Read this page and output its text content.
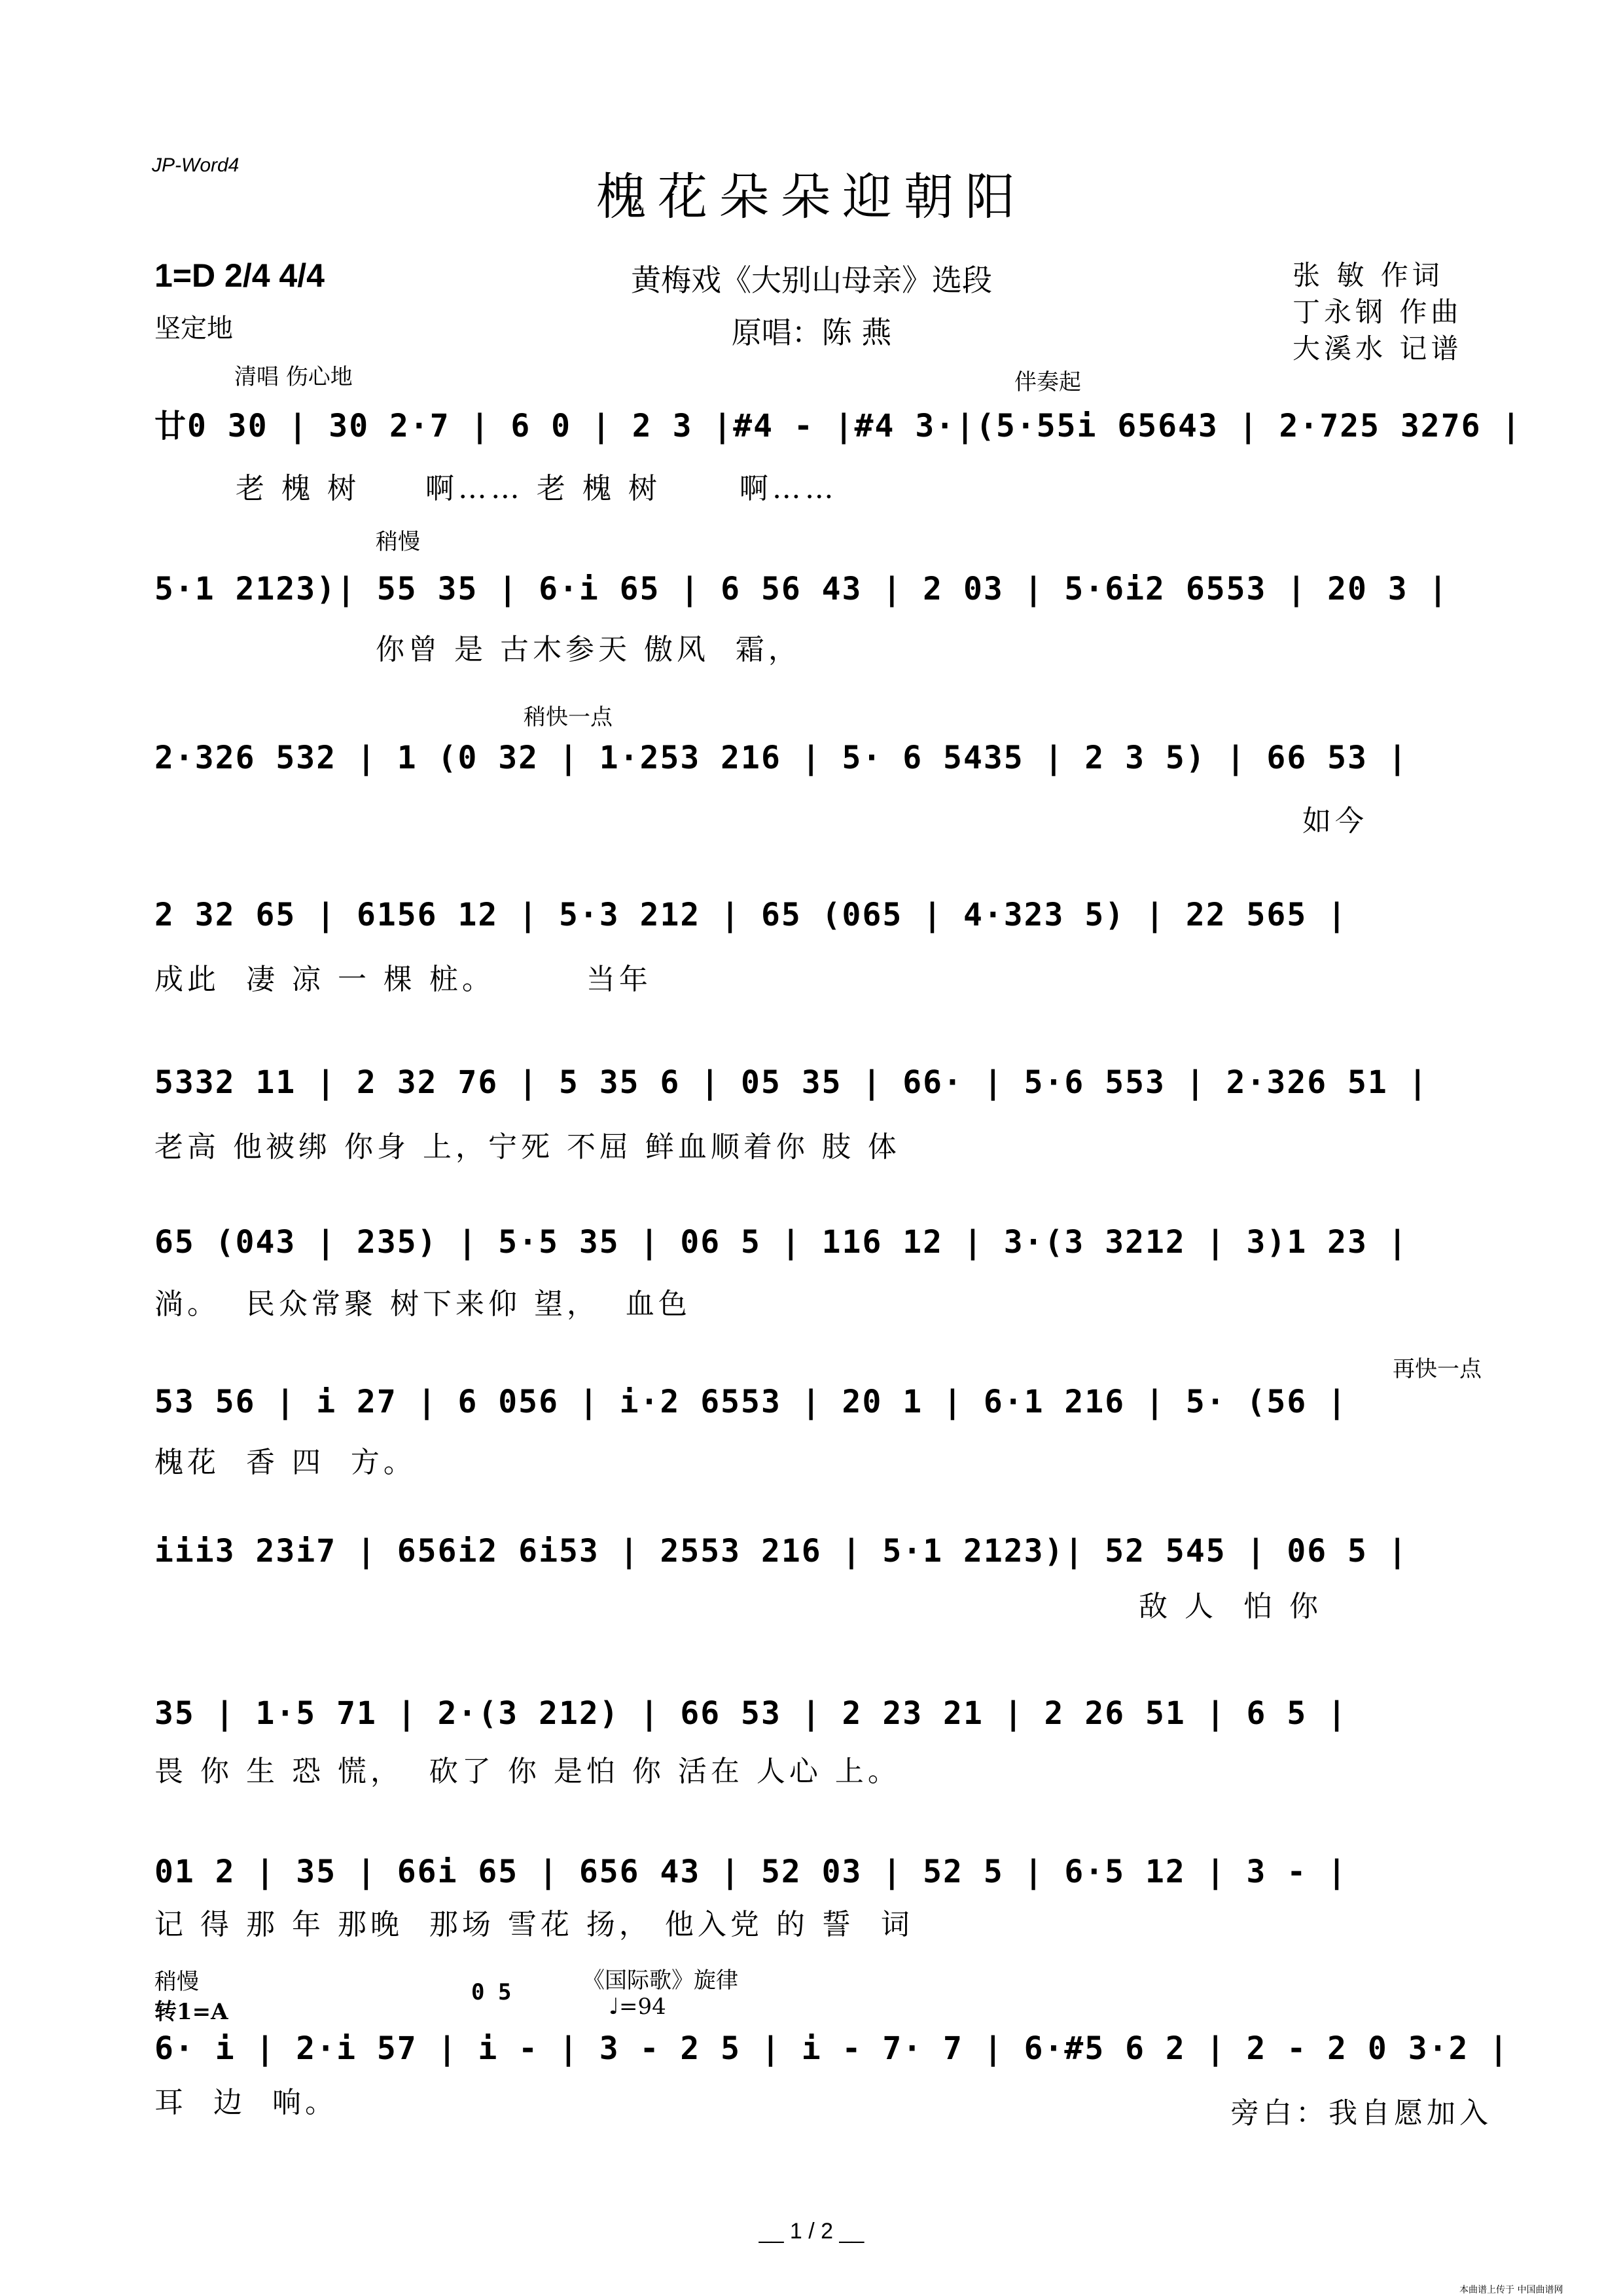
JP-Word4
槐花朵朵迎朝阳
1=D 2/4 4/4
坚定地
黄梅戏《大别山母亲》选段
原唱：陈 燕
张 敏 作词
丁永钢 作曲
大溪水 记谱
清唱 伤心地	伴奏起
廿0 30 | 30 2·7 | 6 0 | 2 3 |#4 - |#4 3·|(5·55i 65643 | 2·725 3276 |
老 槐 树     啊…… 老 槐 树      啊……
稍慢
5·1 2123)| 55 35 | 6·i 65 | 6 56 43 | 2 03 | 5·6i2 6553 | 20 3 |
你曾 是 古木参天 傲风  霜，
稍快一点
2·326 532 | 1 (0 32 | 1·253 216 | 5· 6 5435 | 2 3 5) | 66 53 |
如今
2 32 65 | 6156 12 | 5·3 212 | 65 (065 | 4·323 5) | 22 565 |
成此  凄 凉 一 棵 桩。       当年
5332 11 | 2 32 76 | 5 35 6 | 05 35 | 66· | 5·6 553 | 2·326 51 |
老高 他被绑 你身 上，宁死 不屈 鲜血顺着你 肢 体
65 (043 | 235) | 5·5 35 | 06 5 | 116 12 | 3·(3 3212 | 3)1 23 |
淌。  民众常聚 树下来仰 望，  血色
再快一点
53 56 | i 27 | 6 056 | i·2 6553 | 20 1 | 6·1 216 | 5· (56 |
槐花  香 四  方。
iii3 23i7 | 656i2 6i53 | 2553 216 | 5·1 2123)| 52 545 | 06 5 |
敌 人  怕 你
35 | 1·5 71 | 2·(3 212) | 66 53 | 2 23 21 | 2 26 51 | 6 5 |
畏 你 生 恐 慌，  砍了 你 是怕 你 活在 人心 上。
01 2 | 35 | 66i 65 | 656 43 | 52 03 | 52 5 | 6·5 12 | 3 - |
记 得 那 年 那晚  那场 雪花 扬， 他入党 的 誓  词
稍慢
转1=A
0 5	《国际歌》旋律
♩=94
6· i | 2·i 57 | i - | 3 - 2 5 | i - 7· 7 | 6·#5 6 2 | 2 - 2 0 3·2 |
耳  边  响。	旁白：我自愿加入
__ 1 / 2 __
本曲谱上传于 中国曲谱网
